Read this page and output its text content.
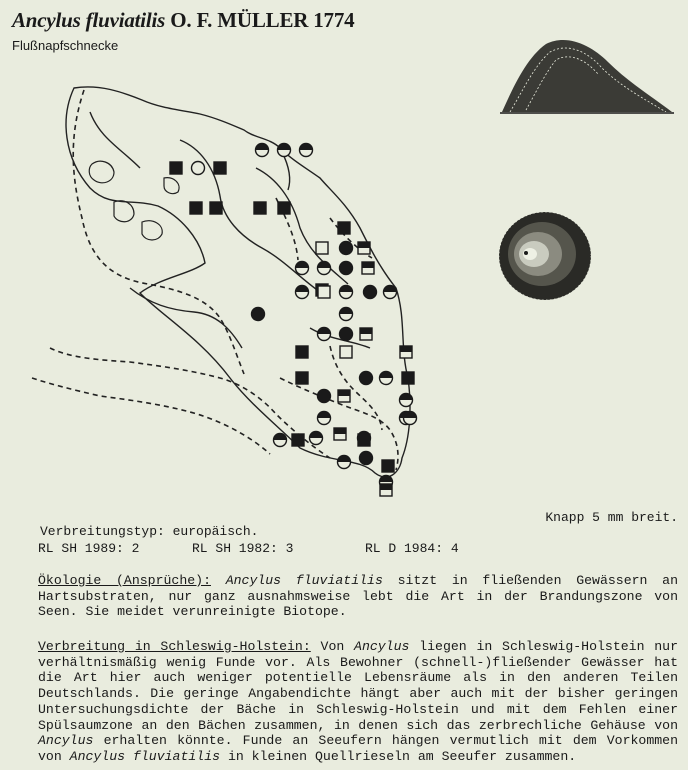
Ancylus fluviatilis O. F. MÜLLER 1774
Flußnapfschnecke
Knapp 5 mm breit.
Verbreitungstyp: europäisch.
RL SH 1989: 2	RL SH 1982: 3	RL D 1984: 4
Ökologie (Ansprüche): Ancylus fluviatilis sitzt in fließenden Gewässern an Hartsubstraten, nur ganz ausnahmsweise lebt die Art in der Brandungszone von Seen. Sie meidet verunreinigte Biotope.
Verbreitung in Schleswig-Holstein: Von Ancylus liegen in Schleswig-Holstein nur verhältnismäßig wenig Funde vor. Als Bewohner (schnell-)fließender Gewässer hat die Art hier auch weniger potentielle Lebensräume als in den anderen Teilen Deutschlands. Die geringe Angabendichte hängt aber auch mit der bisher geringen Untersuchungsdichte der Bäche in Schleswig-Holstein und mit dem Fehlen einer Spülsaumzone an den Bächen zusammen, in denen sich das zerbrechliche Gehäuse von Ancylus erhalten könnte. Funde an Seeufern hängen vermutlich mit dem Vorkommen von Ancylus fluviatilis in kleinen Quellrieseln am Seeufer zusammen.
